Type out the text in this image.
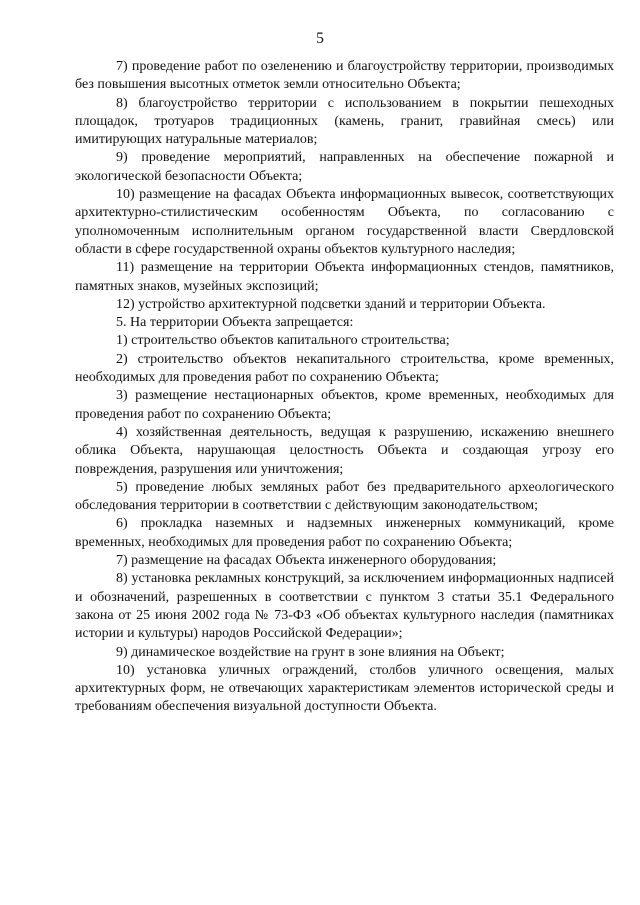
5

7) проведение работ по озеленению и благоустройству территории, производимых без повышения высотных отметок земли относительно Объекта;

8) благоустройство территории с использованием в покрытии пешеходных площадок, тротуаров традиционных (камень, гранит, гравийная смесь) или имитирующих натуральные материалов;

9) проведение мероприятий, направленных на обеспечение пожарной и экологической безопасности Объекта;

10) размещение на фасадах Объекта информационных вывесок, соответствующих архитектурно-стилистическим особенностям Объекта, по согласованию с уполномоченным исполнительным органом государственной власти Свердловской области в сфере государственной охраны объектов культурного наследия;

11) размещение на территории Объекта информационных стендов, памятников, памятных знаков, музейных экспозиций;

12) устройство архитектурной подсветки зданий и территории Объекта.

5. На территории Объекта запрещается:

1) строительство объектов капитального строительства;

2) строительство объектов некапитального строительства, кроме временных, необходимых для проведения работ по сохранению Объекта;

3) размещение нестационарных объектов, кроме временных, необходимых для проведения работ по сохранению Объекта;

4) хозяйственная деятельность, ведущая к разрушению, искажению внешнего облика Объекта, нарушающая целостность Объекта и создающая угрозу его повреждения, разрушения или уничтожения;

5) проведение любых земляных работ без предварительного археологического обследования территории в соответствии с действующим законодательством;

6) прокладка наземных и надземных инженерных коммуникаций, кроме временных, необходимых для проведения работ по сохранению Объекта;

7) размещение на фасадах Объекта инженерного оборудования;

8) установка рекламных конструкций, за исключением информационных надписей и обозначений, разрешенных в соответствии с пунктом 3 статьи 35.1 Федерального закона от 25 июня 2002 года № 73-ФЗ «Об объектах культурного наследия (памятниках истории и культуры) народов Российской Федерации»;

9) динамическое воздействие на грунт в зоне влияния на Объект;

10) установка уличных ограждений, столбов уличного освещения, малых архитектурных форм, не отвечающих характеристикам элементов исторической среды и требованиям обеспечения визуальной доступности Объекта.
